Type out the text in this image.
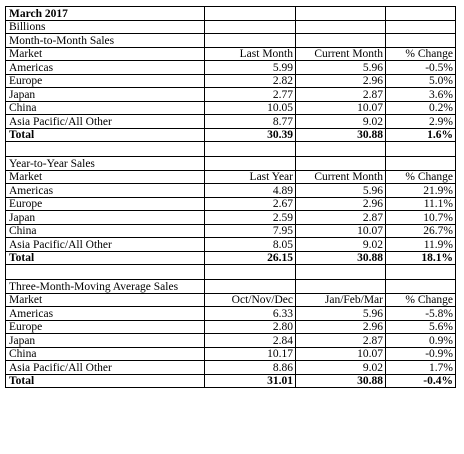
March 2017			
Billions			
Month-to-Month Sales			
Market	Last Month	Current Month	% Change
Americas	5.99	5.96	-0.5%
Europe	2.82	2.96	5.0%
Japan	2.77	2.87	3.6%
China	10.05	10.07	0.2%
Asia Pacific/All Other	8.77	9.02	2.9%
Total	30.39	30.88	1.6%

Year-to-Year Sales			
Market	Last Year	Current Month	% Change
Americas	4.89	5.96	21.9%
Europe	2.67	2.96	11.1%
Japan	2.59	2.87	10.7%
China	7.95	10.07	26.7%
Asia Pacific/All Other	8.05	9.02	11.9%
Total	26.15	30.88	18.1%

Three-Month-Moving Average Sales			
Market	Oct/Nov/Dec	Jan/Feb/Mar	% Change
Americas	6.33	5.96	-5.8%
Europe	2.80	2.96	5.6%
Japan	2.84	2.87	0.9%
China	10.17	10.07	-0.9%
Asia Pacific/All Other	8.86	9.02	1.7%
Total	31.01	30.88	-0.4%
